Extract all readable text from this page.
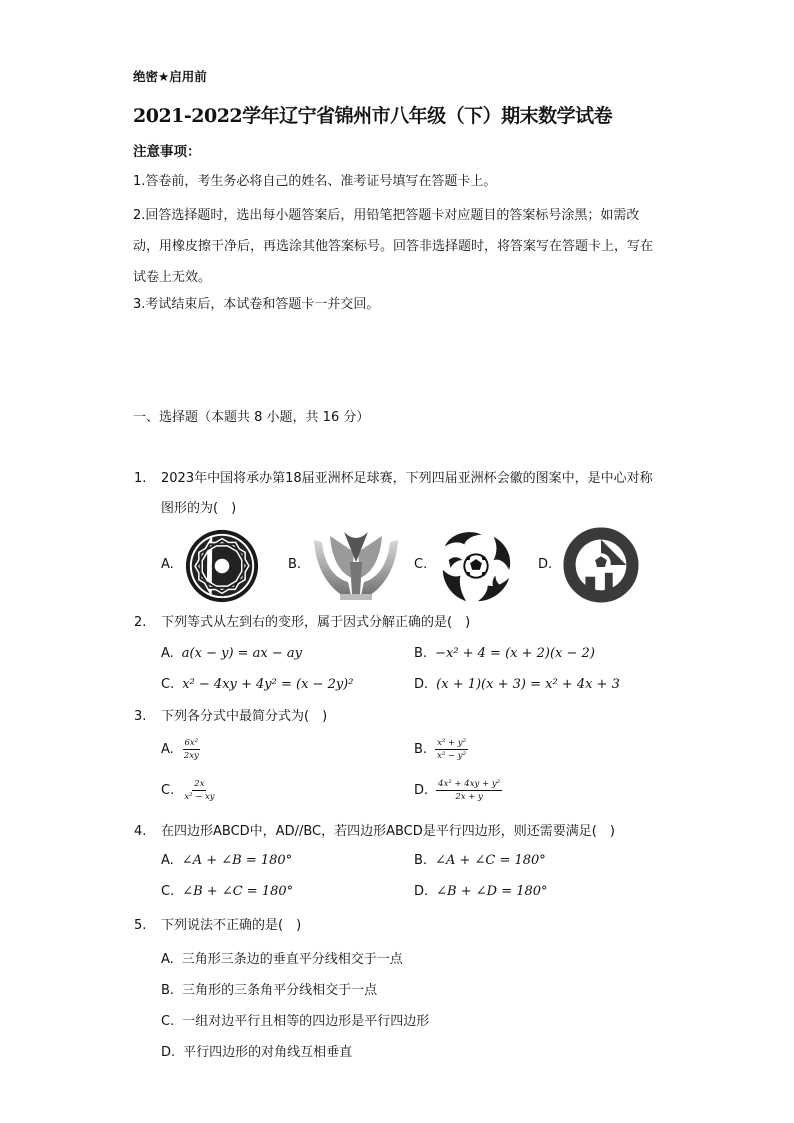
绝密★启用前
2021-2022学年辽宁省锦州市八年级（下）期末数学试卷
注意事项：
1.答卷前，考生务必将自己的姓名、准考证号填写在答题卡上。
2.回答选择题时，选出每小题答案后，用铅笔把答题卡对应题目的答案标号涂黑；如需改动，用橡皮擦干净后，再选涂其他答案标号。回答非选择题时，将答案写在答题卡上，写在试卷上无效。
3.考试结束后，本试卷和答题卡一并交回。
一、选择题（本题共 8 小题，共 16 分）
1. 2023年中国将承办第18届亚洲杯足球赛，下列四届亚洲杯会徽的图案中，是中心对称图形的为(　)
A.	B.	C.	D.
2. 下列等式从左到右的变形，属于因式分解正确的是(　)
A. a(x − y) = ax − ay	B. −x² + 4 = (x + 2)(x − 2)
C. x² − 4xy + 4y² = (x − 2y)²	D. (x + 1)(x + 3) = x² + 4x + 3
3. 下列各分式中最简分式为(　)
A. $\frac{\text{6x²}}{2xy}$	B. $\frac{\text{x² + y²}}{\text{x² − y²}}$
C. $\frac{2x}{\text{x² − xy}}$	D. $\frac{\text{4x² + 4xy + y²}}{2x + y}$
4. 在四边形ABCD中，AD//BC，若四边形ABCD是平行四边形，则还需要满足(　)
A. ∠A + ∠B = 180°	B. ∠A + ∠C = 180°
C. ∠B + ∠C = 180°	D. ∠B + ∠D = 180°
5. 下列说法不正确的是(　)
A. 三角形三条边的垂直平分线相交于一点
B. 三角形的三条角平分线相交于一点
C. 一组对边平行且相等的四边形是平行四边形
D. 平行四边形的对角线互相垂直
